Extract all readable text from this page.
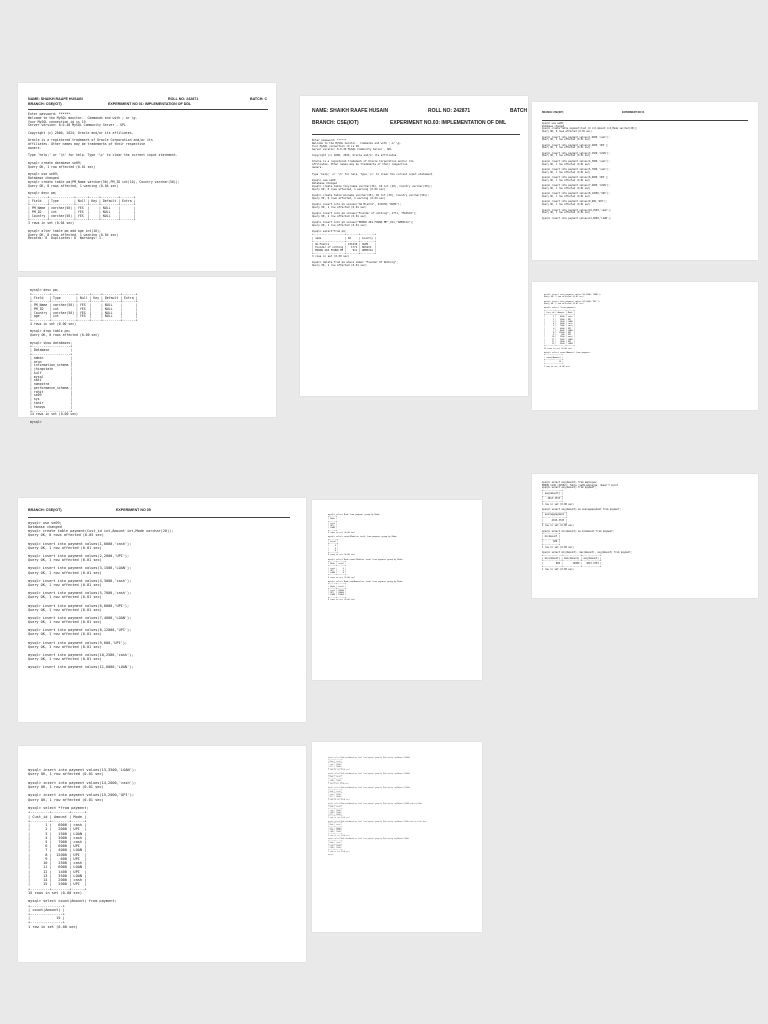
NAME: SHAIKH RAAFE HUSAIN	ROLL NO: 242871	BATCH: C
BRANCH: CSE(IOT)	EXPERIMENT NO 01: IMPLEMENTATION OF DDL
Enter password: ******
Welcome to the MySQL monitor.  Commands end with ; or \g.
Your MySQL connection id is 19
Server version: 8.0.40 MySQL Community Server - GPL

Copyright (c) 2000, 2024, Oracle and/or its affiliates.

Oracle is a registered trademark of Oracle Corporation and/or its
affiliates. Other names may be trademarks of their respective
owners.

Type 'help;' or '\h' for help. Type '\c' to clear the current input statement.

mysql> create database se09;
Query OK, 1 row affected (0.01 sec)

mysql> use se09;
Database changed
mysql> create table pm(PM_Name varchar(50),PM_ID int(10), Country varchar(50));
Query OK, 0 rows affected, 1 warning (0.04 sec)

mysql> desc pm;
+---------+-------------+------+-----+---------+-------+
| Field   | Type        | Null | Key | Default | Extra |
+---------+-------------+------+-----+---------+-------+
| PM_Name | varchar(50) | YES  |     | NULL    |       |
| PM_ID   | int         | YES  |     | NULL    |       |
| Country | varchar(50) | YES  |     | NULL    |       |
+---------+-------------+------+-----+---------+-------+
3 rows in set (0.04 sec)

mysql> alter table pm add age int(10);
Query OK, 0 rows affected, 1 warning (0.04 sec)
Records: 0  Duplicates: 0  Warnings: 1
mysql> desc pm;
+---------+-------------+------+-----+---------+-------+
| Field   | Type        | Null | Key | Default | Extra |
+---------+-------------+------+-----+---------+-------+
| PM_Name | varchar(50) | YES  |     | NULL    |       |
| PM_ID   | int         | YES  |     | NULL    |       |
| Country | varchar(50) | YES  |     | NULL    |       |
| age     | int         | YES  |     | NULL    |       |
+---------+-------------+------+-----+---------+-------+
4 rows in set (0.00 sec)

mysql> drop table pm;
Query OK, 0 rows affected (0.00 sec)

mysql> show databases;
+--------------------+
| Database           |
+--------------------+
| admin              |
| arun               |
| information_schema |
| jhingstate         |
| kulf               |
| mysql              |
| nati               |
| nomzotra           |
| performance_schema |
| rohit              |
| se09               |
| sys                |
| tahir              |
| tanoyu             |
+--------------------+
14 rows in set (0.00 sec)

mysql>
NAME: SHAIKH RAAFE HUSAIN	ROLL NO: 242871	BATCH
BRANCH: CSE(IOT)	EXPERIMENT NO.03: IMPLEMENTATION OF DML
Enter password: ******
Welcome to the MySQL monitor.  Commands end with ; or \g.
Your MySQL connection id is 20
Server version: 8.0.40 MySQL Community Server - GPL

Copyright (c) 2000, 2024, Oracle and/or its affiliates.

Oracle is a registered trademark of Oracle Corporation and/or its
affiliates. Other names may be trademarks of their respective
owners.

Type 'help;' or '\h' for help. Type '\c' to clear the current input statement.

mysql> use se09
Database changed
mysql> create table tony(name varchar(30), ID int (20), Country varchar(30));
Query OK, 0 rows affected, 1 warning (0.04 sec)

mysql> create table pm(name varchar(30), ID int (20), Country varchar(30));
Query OK, 0 rows affected, 1 warning (0.04 sec)

mysql> insert into pm values("Om Mishra", 231030,"OGMS");
Query OK, 1 row affected (0.01 sec)

mysql> insert into pm values("Founder of nothing", 1771, "MASSCO");
Query OK, 1 row affected (0.01 sec)

mysql> insert into pm values("ERROR 404 FOUND ME",911,"AMERICA");
Query OK, 1 row affected (0.01 sec)

mysql> select*from pm;
+--------------------+--------+---------+
| name               | ID     | Country |
+--------------------+--------+---------+
| Om Mishra          | 231030 | OGMS    |
| Founder of nothing |   1771 | MASSCO  |
| ERROR 404 FOUND ME |    911 | AMERICA |
+--------------------+--------+---------+
3 rows in set (0.00 sec)

mysql> delete from pm where name= "Founder Of Nothing";
Query OK, 1 row affected (0.01 sec)
BRANCH: CSE(IOT)	EXPERIMENT NO 04
mysql> use se09;
Database changed
mysql> create table payment(Cust_id int,Amount int,Mode varchar(20));
Query OK, 0 rows affected (0.05 sec)

mysql> insert into payment values(1,6000,'cash');
Query OK, 1 row affected (0.01 sec)

mysql> insert into payment values(2,2000,'UPI');
Query OK, 1 row affected (0.01 sec)

mysql> insert into payment values(3,1500,'LOAN');
Query OK, 1 row affected (0.01 sec)

mysql> insert into payment values(4,3000,'cash');
Query OK, 1 row affected (0.01 sec)

mysql> insert into payment values(5,7000,'cash');
Query OK, 1 row affected (0.01 sec)

mysql> insert into payment values(6,6000,'UPI');
Query OK, 1 row affected (0.01 sec)

mysql> insert into payment values(7,4000,'LOAN');
Query OK, 1 row affected (0.01 sec)

mysql> insert into payment values(8,12000,'UPI');
Query OK, 1 row affected (0.01 sec)

mysql> insert into payment values(9,600,'UPI');
Query OK, 1 row affected (0.01 sec)

mysql> insert into payment values(10,2500,'cash');
Query OK, 1 row affected (0.01 sec)

mysql> insert into payment values(11,6000,'LOAN');
mysql> insert into payment values(11,2000,'LOAN');
Query OK, 1 row affected (0.01 sec)

mysql> insert into payment values(12,1400,'UPI');
Query OK, 1 row affected (0.01 sec)

mysql> select *from payment;
+---------+--------+------+
| Cust_id | Amount | Mode |
+---------+--------+------+
|       1 |   6000 | cash |
|       2 |   2000 | UPI  |
|       3 |   1500 | LOAN |
|       4 |   3000 | cash |
|       5 |   7000 | cash |
|       6 |   6000 | UPI  |
|       7 |   4000 | LOAN |
|       8 |  12000 | UPI  |
|       9 |    600 | UPI  |
|      10 |   2500 | cash |
|      11 |   2000 | LOAN |
|      12 |   1400 | UPI  |
|      13 |   3500 | LOAN |
+---------+--------+------+
13 rows in set (0.00 sec)

mysql> select count(Amount) from payment;
+---------------+
| count(Amount) |
+---------------+
|            13 |
+---------------+
1 row in set (0.00 sec)
BRANCH: CSE(IOT)	EXPERIMENT NO 05
mysql> use se09;
Database changed
mysql> create table payment(Cust_id int,Amount int,Mode varchar(20));
Query OK, 0 rows affected (0.05 sec)

mysql> insert into payment values(1,6000,'cash');
Query OK, 1 row affected (0.01 sec)

mysql> insert into payment values(2,2000,'UPI');
Query OK, 1 row affected (0.01 sec)

mysql> insert into payment values(3,1500,'LOAN');
Query OK, 1 row affected (0.01 sec)

mysql> insert into payment values(4,3000,'cash');
Query OK, 1 row affected (0.01 sec)

mysql> insert into payment values(5,7000,'cash');
Query OK, 1 row affected (0.01 sec)

mysql> insert into payment values(6,6000,'UPI');
Query OK, 1 row affected (0.01 sec)

mysql> insert into payment values(7,4000,'LOAN');
Query OK, 1 row affected (0.01 sec)

mysql> insert into payment values(8,12000,'UPI');
Query OK, 1 row affected (0.01 sec)

mysql> insert into payment values(9,600,'UPI');
Query OK, 1 row affected (0.01 sec)

mysql> insert into payment values(10,2500,'cash');
Query OK, 1 row affected (0.01 sec)

mysql> insert into payment values(11,6000,'LOAN');
mysql> select Mode from payment group by Mode;
+------+
| Mode |
+------+
| cash |
| UPI  |
| LOAN |
+------+
3 rows in set (0.00 sec)

mysql> select count(Mode)as total from payment group by Mode;
+-------+
| total |
+-------+
|     5 |
|     6 |
|     4 |
+-------+
3 rows in set (0.00 sec)

mysql> select Mode,count(Mode)as total from payment group by Mode;
+------+-------+
| Mode | total |
+------+-------+
| cash |     5 |
| UPI  |     6 |
| LOAN |     4 |
+------+-------+
3 rows in set (0.00 sec)

mysql> select Mode,sum(Amount)as total from payment group by Mode;
+------+-------+
| Mode | total |
+------+-------+
| cash | 20500 |
| UPI  | 24000 |
| LOAN | 15000 |
+------+-------+
3 rows in set (0.00 sec)
mysql> select avg(Amount) from employee;
ERROR 1146 (42S02): Table 'se09.employee' doesn't exist
mysql> select avg(Amount) from payment;
+-------------+
| avg(Amount) |
+-------------+
|   4013.3333 |
+-------------+
1 row in set (0.00 sec)

mysql> select avg(Amount) as averagepayment from payment;
+----------------+
| averagepayment |
+----------------+
|      4013.3333 |
+----------------+
1 row in set (0.00 sec)

mysql> select min(Amount) as minAmount from payment;
+-----------+
| minAmount |
+-----------+
|       600 |
+-----------+
1 row in set (0.00 sec)

mysql> select min(Amount), max(Amount), avg(Amount) from payment;
+-------------+-------------+-------------+
| min(Amount) | max(Amount) | avg(Amount) |
+-------------+-------------+-------------+
|         600 |       12000 |   4013.3333 |
+-------------+-------------+-------------+
1 row in set (0.00 sec)
mysql> insert into payment values(13,3500,'LOAN');
Query OK, 1 row affected (0.01 sec)

mysql> insert into payment values(14,2000,'cash');
Query OK, 1 row affected (0.01 sec)

mysql> insert into payment values(15,2000,'UPI');
Query OK, 1 row affected (0.01 sec)

mysql> select *from payment;
+---------+--------+------+
| Cust_id | Amount | Mode |
+---------+--------+------+
|       1 |   6000 | cash |
|       2 |   2000 | UPI  |
|       3 |   1500 | LOAN |
|       4 |   3000 | cash |
|       5 |   7000 | cash |
|       6 |   6000 | UPI  |
|       7 |   4000 | LOAN |
|       8 |  12000 | UPI  |
|       9 |    600 | UPI  |
|      10 |   2500 | cash |
|      11 |   6000 | LOAN |
|      12 |   1400 | UPI  |
|      13 |   3500 | LOAN |
|      14 |   2000 | cash |
|      15 |   2000 | UPI  |
+---------+--------+------+
15 rows in set (0.00 sec)

mysql> select count(Amount) from payment;
+---------------+
| count(Amount) |
+---------------+
|            15 |
+---------------+
1 row in set (0.00 sec)
mysql> select Mode,sum(Amount)as total from payment group by Mode having sum(Amount)>20000;
+------+-------+
| Mode | total |
+------+-------+
| cash | 20500 |
| UPI  | 24000 |
+------+-------+
2 rows in set (0.00 sec)

mysql> select Mode,sum(Amount)as total from payment group by Mode having sum(Amount)<20000;
+------+-------+
| Mode | total |
+------+-------+
| LOAN | 15000 |
+------+-------+
1 row in set (0.00 sec)

mysql> select Mode,sum(Amount)as total from payment group by Mode having sum(Amount)>15000;
+------+-------+
| Mode | total |
+------+-------+
| cash | 20500 |
| UPI  | 24000 |
+------+-------+
2 rows in set (0.00 sec)

mysql> select Mode,sum(Amount)as total from payment group by Mode having sum(Amount)>10000 order by Mode;
+------+-------+
| Mode | total |
+------+-------+
| cash | 20500 |
| LOAN | 15000 |
| UPI  | 24000 |
+------+-------+
3 rows in set (0.00 sec)

mysql> select Mode,sum(Amount)as total from payment group by Mode having sum(Amount)>5000 order by total desc;
+------+-------+
| Mode | total |
+------+-------+
| UPI  | 24000 |
| cash | 20500 |
| LOAN | 15000 |
+------+-------+
3 rows in set (0.00 sec)

mysql> select Mode,sum(Amount)as total from payment group by Mode having avg(Amount)>3000;
+------+-------+
| Mode | total |
+------+-------+
| cash | 20500 |
| LOAN | 15000 |
+------+-------+
2 rows in set (0.00 sec)

mysql>
